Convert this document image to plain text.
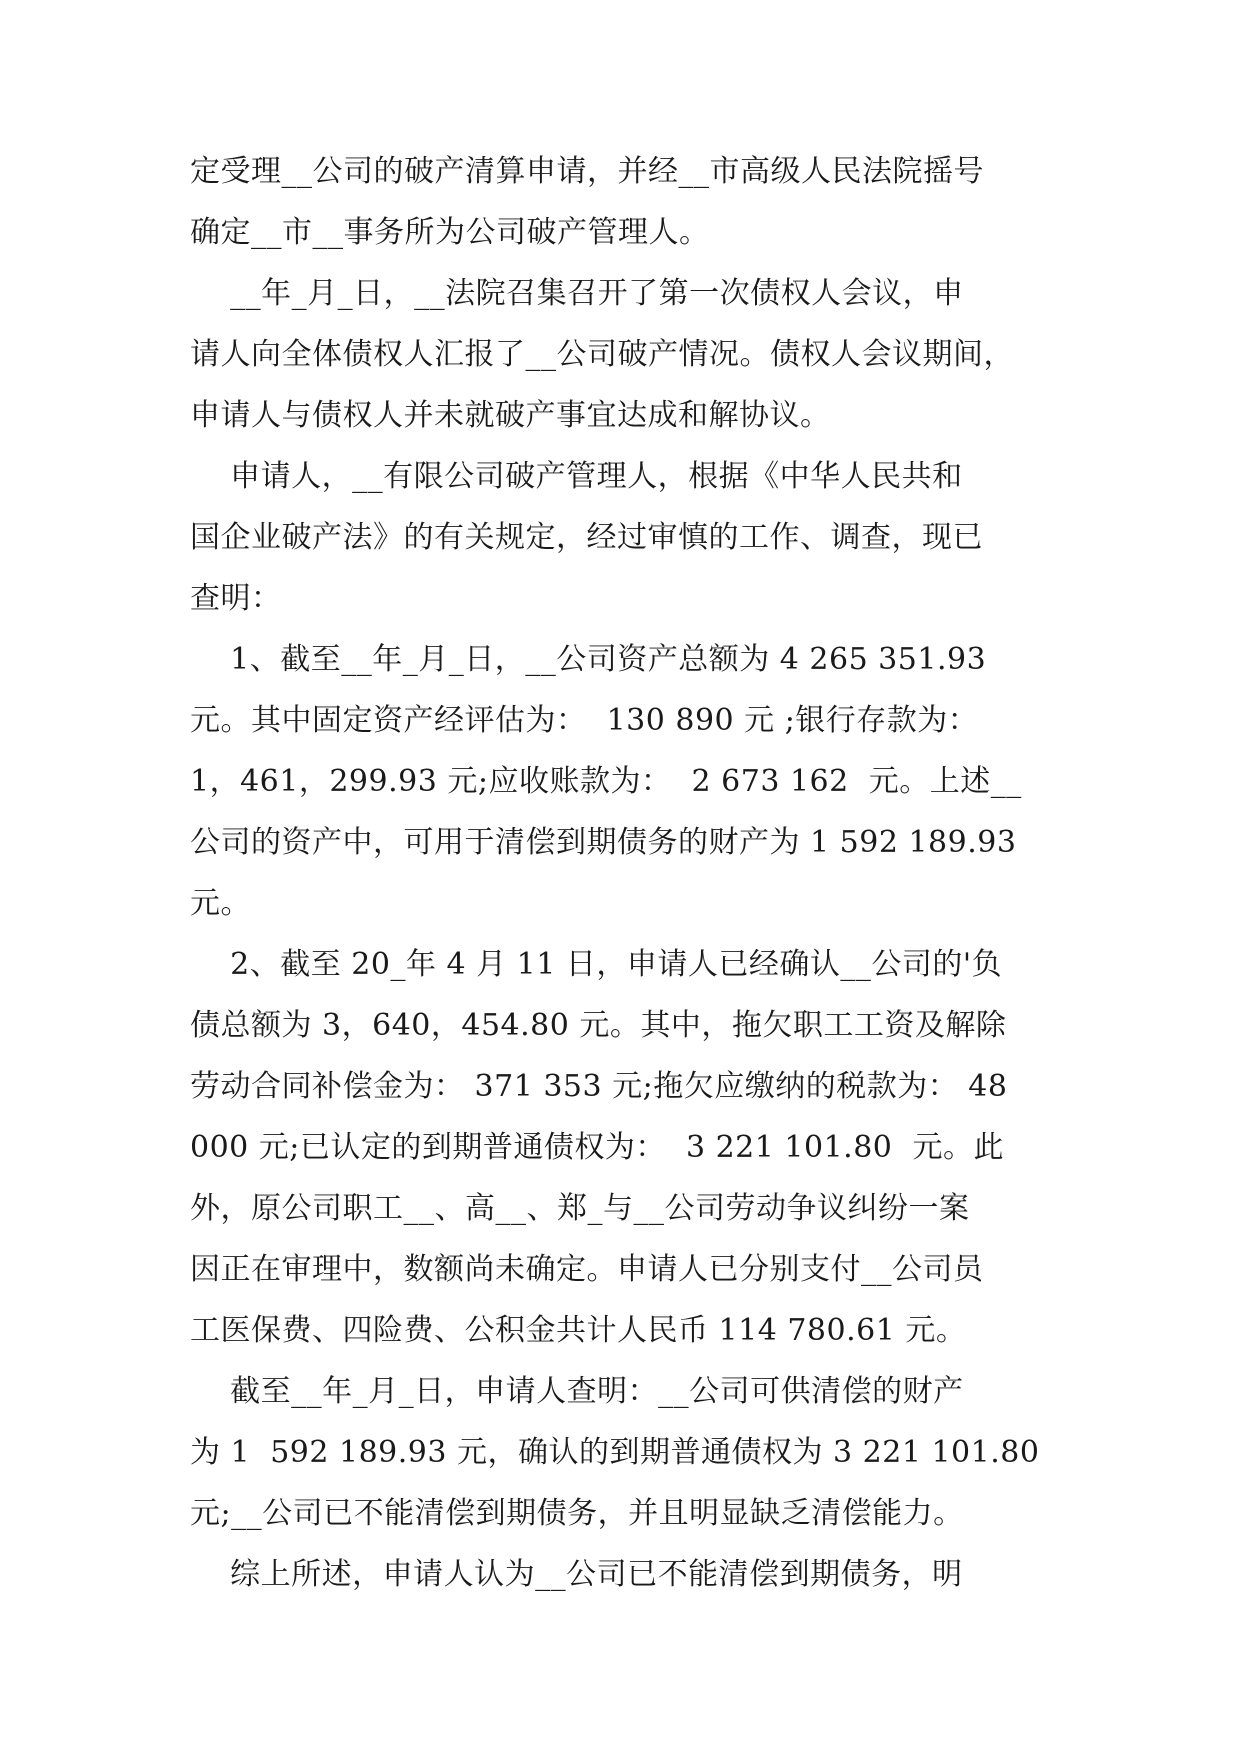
定受理__公司的破产清算申请，并经__市高级人民法院摇号
确定__市__事务所为公司破产管理人。
__年_月_日，__法院召集召开了第一次债权人会议，申
请人向全体债权人汇报了__公司破产情况。债权人会议期间，
申请人与债权人并未就破产事宜达成和解协议。
申请人，__有限公司破产管理人，根据《中华人民共和
国企业破产法》的有关规定，经过审慎的工作、调查，现已
查明：
1、截至__年_月_日，__公司资产总额为 4 265 351.93
元。其中固定资产经评估为：  130 890 元 ;银行存款为：
1，461，299.93 元;应收账款为：  2 673 162  元。上述__
公司的资产中，可用于清偿到期债务的财产为 1 592 189.93
元。
2、截至 20_年 4 月 11 日，申请人已经确认__公司的'负
债总额为 3，640，454.80 元。其中，拖欠职工工资及解除
劳动合同补偿金为： 371 353 元;拖欠应缴纳的税款为： 48
000 元;已认定的到期普通债权为：  3 221 101.80  元。此
外，原公司职工__、高__、郑_与__公司劳动争议纠纷一案
因正在审理中，数额尚未确定。申请人已分别支付__公司员
工医保费、四险费、公积金共计人民币 114 780.61 元。
截至__年_月_日，申请人查明：__公司可供清偿的财产
为 1  592 189.93 元，确认的到期普通债权为 3 221 101.80
元;__公司已不能清偿到期债务，并且明显缺乏清偿能力。
综上所述，申请人认为__公司已不能清偿到期债务，明
